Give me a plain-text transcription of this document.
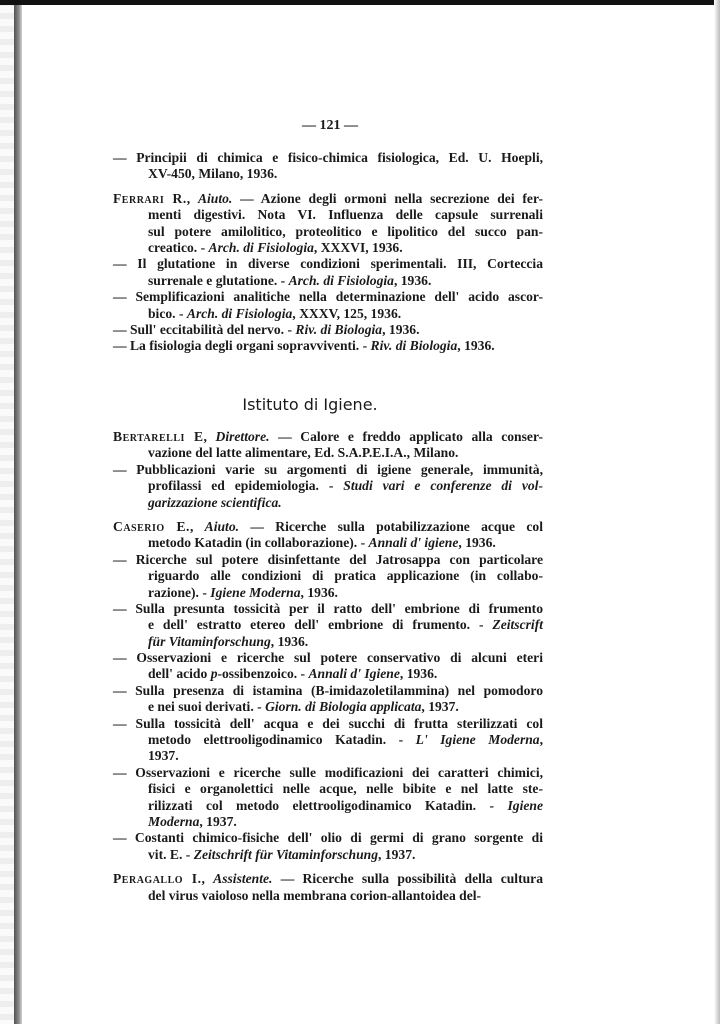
— 121 —
— Principii di chimica e fisico-chimica fisiologica, Ed. U. Hoepli,
XV-450, Milano, 1936.
Ferrari R., Aiuto. — Azione degli ormoni nella secrezione dei fer-
menti digestivi. Nota VI. Influenza delle capsule surrenali
sul potere amilolitico, proteolitico e lipolitico del succo pan-
creatico. - Arch. di Fisiologia, XXXVI, 1936.
— Il glutatione in diverse condizioni sperimentali. III, Corteccia
surrenale e glutatione. - Arch. di Fisiologia, 1936.
— Semplificazioni analitiche nella determinazione dell' acido ascor-
bico. - Arch. di Fisiologia, XXXV, 125, 1936.
— Sull' eccitabilità del nervo. - Riv. di Biologia, 1936.
— La fisiologia degli organi sopravviventi. - Riv. di Biologia, 1936.
Istituto di Igiene.
Bertarelli E, Direttore. — Calore e freddo applicato alla conser-
vazione del latte alimentare, Ed. S.A.P.E.I.A., Milano.
— Pubblicazioni varie su argomenti di igiene generale, immunità,
profilassi ed epidemiologia. - Studi vari e conferenze di vol-
garizzazione scientifica.
Caserio E., Aiuto. — Ricerche sulla potabilizzazione acque col
metodo Katadin (in collaborazione). - Annali d' igiene, 1936.
— Ricerche sul potere disinfettante del Jatrosappa con particolare
riguardo alle condizioni di pratica applicazione (in collabo-
razione). - Igiene Moderna, 1936.
— Sulla presunta tossicità per il ratto dell' embrione di frumento
e dell' estratto etereo dell' embrione di frumento. - Zeitscrift
für Vitaminforschung, 1936.
— Osservazioni e ricerche sul potere conservativo di alcuni eteri
dell' acido p-ossibenzoico. - Annali d' Igiene, 1936.
— Sulla presenza di istamina (B-imidazoletilammina) nel pomodoro
e nei suoi derivati. - Giorn. di Biologia applicata, 1937.
— Sulla tossicità dell' acqua e dei succhi di frutta sterilizzati col
metodo elettrooligodinamico Katadin. - L' Igiene Moderna,
1937.
— Osservazioni e ricerche sulle modificazioni dei caratteri chimici,
fisici e organolettici nelle acque, nelle bibite e nel latte ste-
rilizzati col metodo elettrooligodinamico Katadin. - Igiene
Moderna, 1937.
— Costanti chimico-fisiche dell' olio di germi di grano sorgente di
vit. E. - Zeitschrift für Vitaminforschung, 1937.
Peragallo I., Assistente. — Ricerche sulla possibilità della cultura
del virus vaioloso nella membrana corion-allantoidea del-
